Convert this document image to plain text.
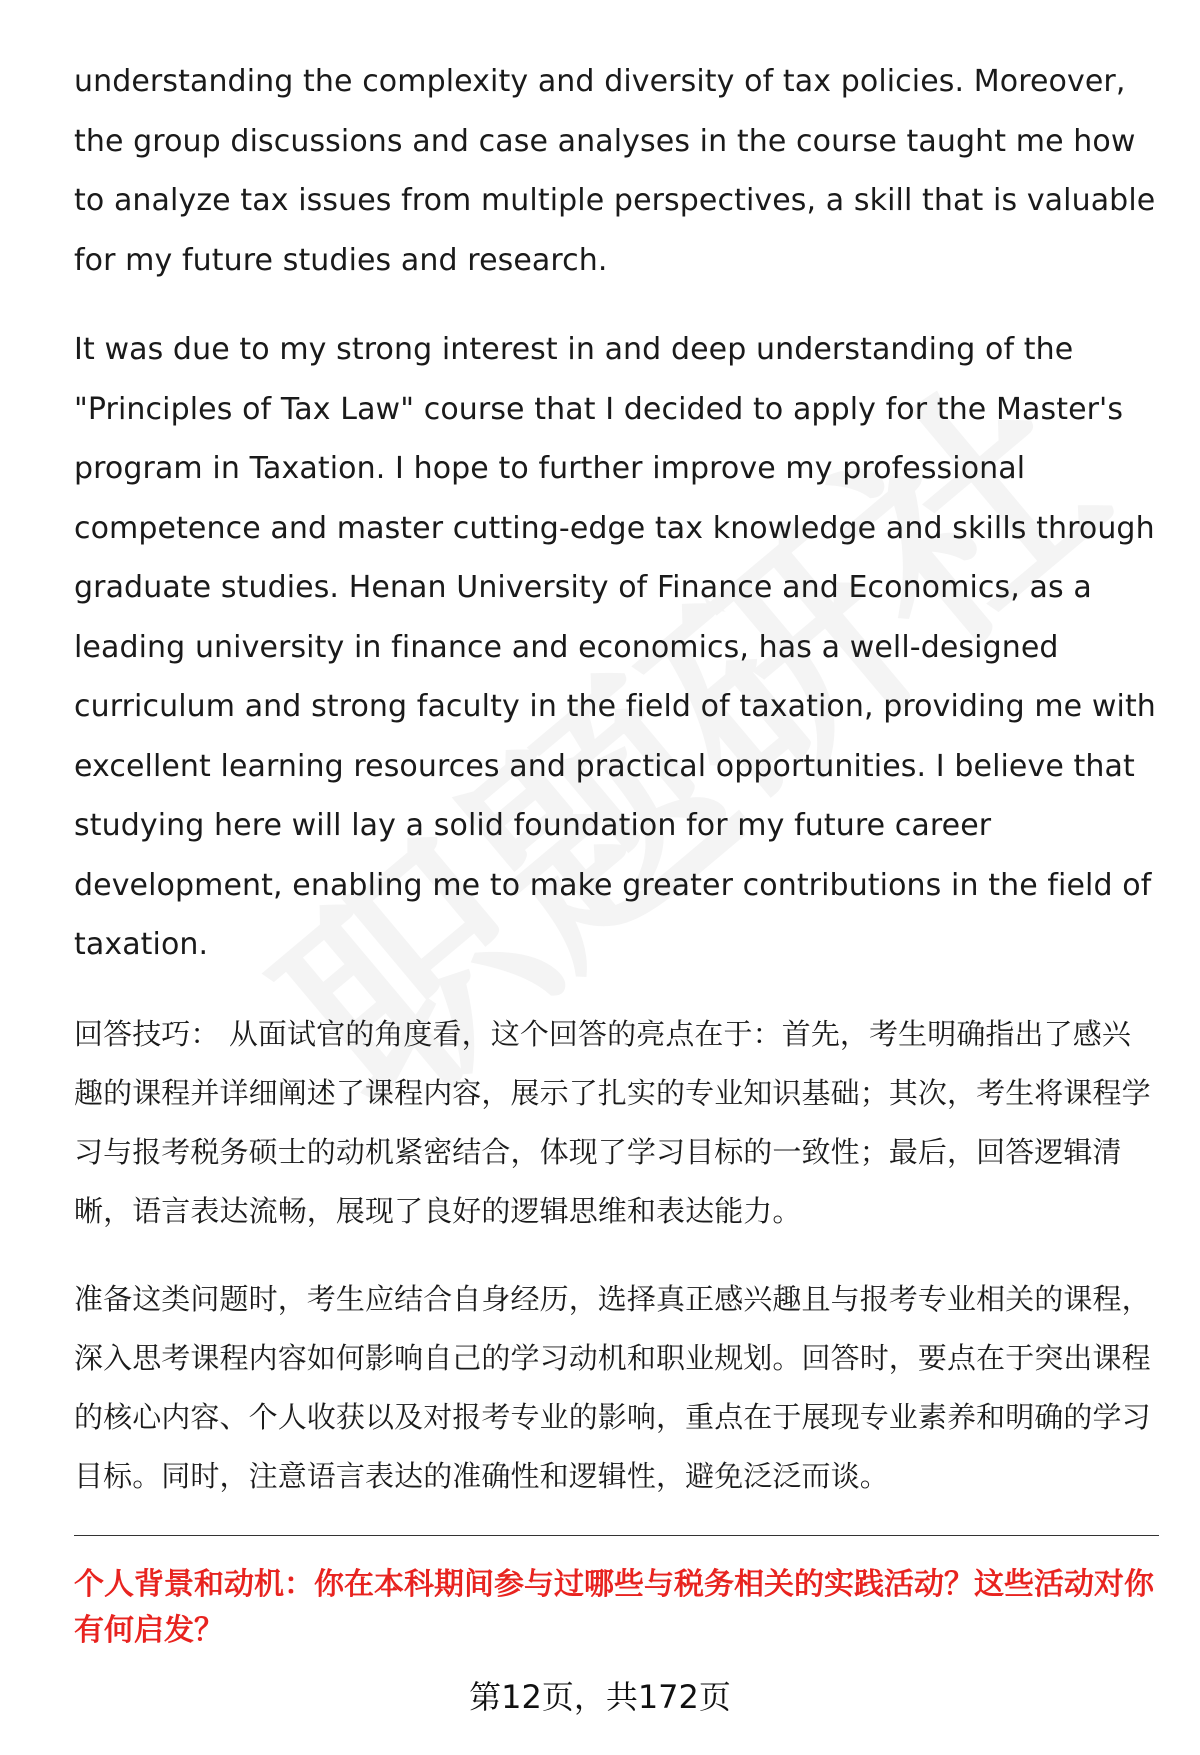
understanding the complexity and diversity of tax policies. Moreover, the group discussions and case analyses in the course taught me how to analyze tax issues from multiple perspectives, a skill that is valuable for my future studies and research.

It was due to my strong interest in and deep understanding of the "Principles of Tax Law" course that I decided to apply for the Master's program in Taxation. I hope to further improve my professional competence and master cutting-edge tax knowledge and skills through graduate studies. Henan University of Finance and Economics, as a leading university in finance and economics, has a well-designed curriculum and strong faculty in the field of taxation, providing me with excellent learning resources and practical opportunities. I believe that studying here will lay a solid foundation for my future career development, enabling me to make greater contributions in the field of taxation.

回答技巧： 从面试官的角度看，这个回答的亮点在于：首先，考生明确指出了感兴趣的课程并详细阐述了课程内容，展示了扎实的专业知识基础；其次，考生将课程学习与报考税务硕士的动机紧密结合，体现了学习目标的一致性；最后，回答逻辑清晰，语言表达流畅，展现了良好的逻辑思维和表达能力。

准备这类问题时，考生应结合自身经历，选择真正感兴趣且与报考专业相关的课程，深入思考课程内容如何影响自己的学习动机和职业规划。回答时，要点在于突出课程的核心内容、个人收获以及对报考专业的影响，重点在于展现专业素养和明确的学习目标。同时，注意语言表达的准确性和逻辑性，避免泛泛而谈。

个人背景和动机：你在本科期间参与过哪些与税务相关的实践活动？这些活动对你有何启发？

第12页，共172页
